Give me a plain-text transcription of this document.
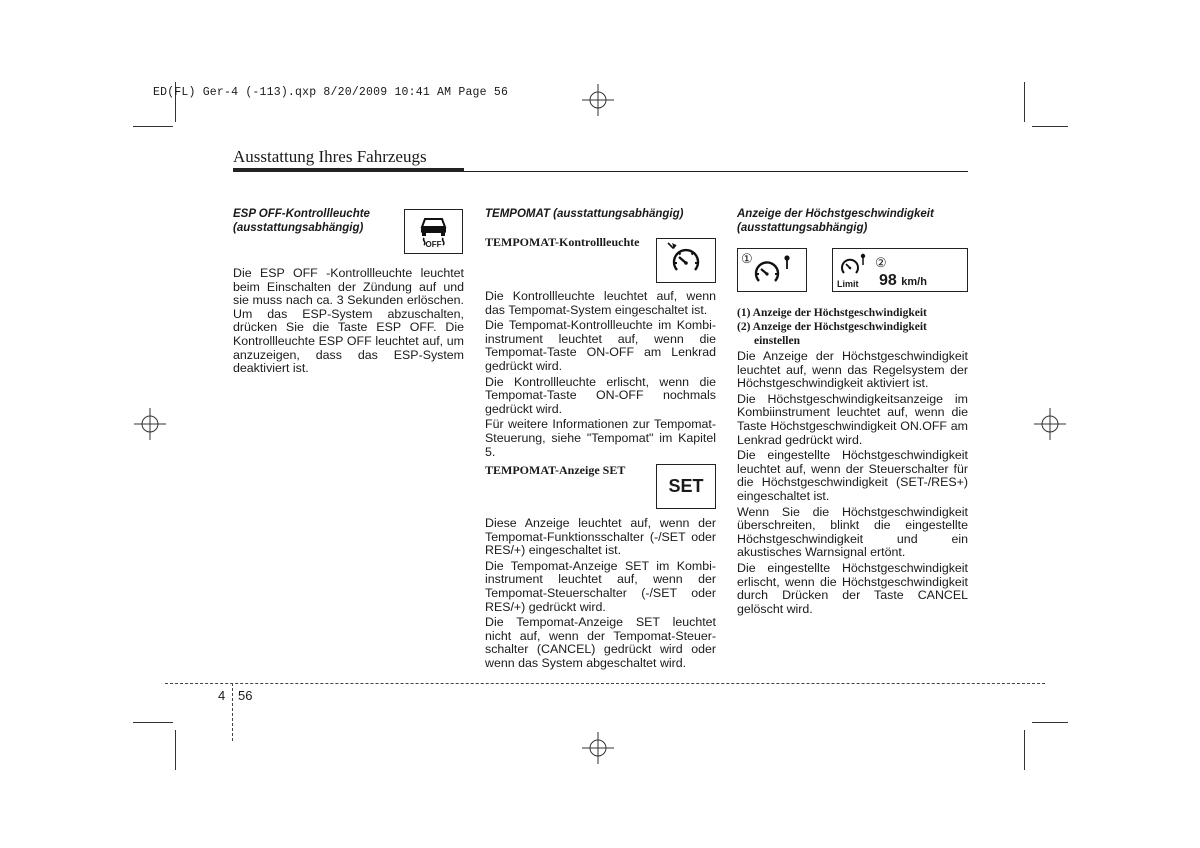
ED(FL) Ger-4 (-113).qxp 8/20/2009 10:41 AM Page 56
Ausstattung Ihres Fahrzeugs
ESP OFF-Kontrollleuchte
(ausstattungsabhängig)
OFF

Die ESP OFF -Kontrollleuchte leuchtet beim Einschalten der Zündung auf und sie muss nach ca. 3 Sekunden erlöschen. Um das ESP-System abzuschalten, drücken Sie die Taste ESP OFF. Die Kontrollleuchte ESP OFF leuchtet auf, um anzuzeigen, dass das ESP-System deaktiviert ist.

TEMPOMAT (ausstattungsabhängig)
TEMPOMAT-Kontrollleuchte

Die Kontrollleuchte leuchtet auf, wenn das Tempomat-System eingeschaltet ist.

Die Tempomat-Kontrollleuchte im Kombi-instrument leuchtet auf, wenn die Tempomat-Taste ON-OFF am Lenkrad gedrückt wird.

Die Kontrollleuchte erlischt, wenn die Tempomat-Taste ON-OFF nochmals gedrückt wird.

Für weitere Informationen zur Tempomat-Steuerung, siehe "Tempomat" im Kapitel 5.

TEMPOMAT-Anzeige SET
SET

Diese Anzeige leuchtet auf, wenn der Tempomat-Funktionsschalter (-/SET oder RES/+) eingeschaltet ist.

Die Tempomat-Anzeige SET im Kombi-instrument leuchtet auf, wenn der Tempomat-Steuerschalter (-/SET oder RES/+) gedrückt wird.

Die Tempomat-Anzeige SET leuchtet nicht auf, wenn der Tempomat-Steuer-schalter (CANCEL) gedrückt wird oder wenn das System abgeschaltet wird.

Anzeige der Höchstgeschwindigkeit
(ausstattungsabhängig)
①
Limit
②
98 km/h
(1) Anzeige der Höchstgeschwindigkeit
(2) Anzeige der Höchstgeschwindigkeit
einstellen

Die Anzeige der Höchstgeschwindigkeit leuchtet auf, wenn das Regelsystem der Höchstgeschwindigkeit aktiviert ist.

Die Höchstgeschwindigkeitsanzeige im Kombiinstrument leuchtet auf, wenn die Taste Höchstgeschwindigkeit ON.OFF am Lenkrad gedrückt wird.

Die eingestellte Höchstgeschwindigkeit leuchtet auf, wenn der Steuerschalter für die Höchstgeschwindigkeit (SET-/RES+) eingeschaltet ist.

Wenn Sie die Höchstgeschwindigkeit überschreiten, blinkt die eingestellte Höchstgeschwindigkeit und ein akustisches Warnsignal ertönt.

Die eingestellte Höchstgeschwindigkeit erlischt, wenn die Höchstgeschwindigkeit durch Drücken der Taste CANCEL gelöscht wird.

4 56
